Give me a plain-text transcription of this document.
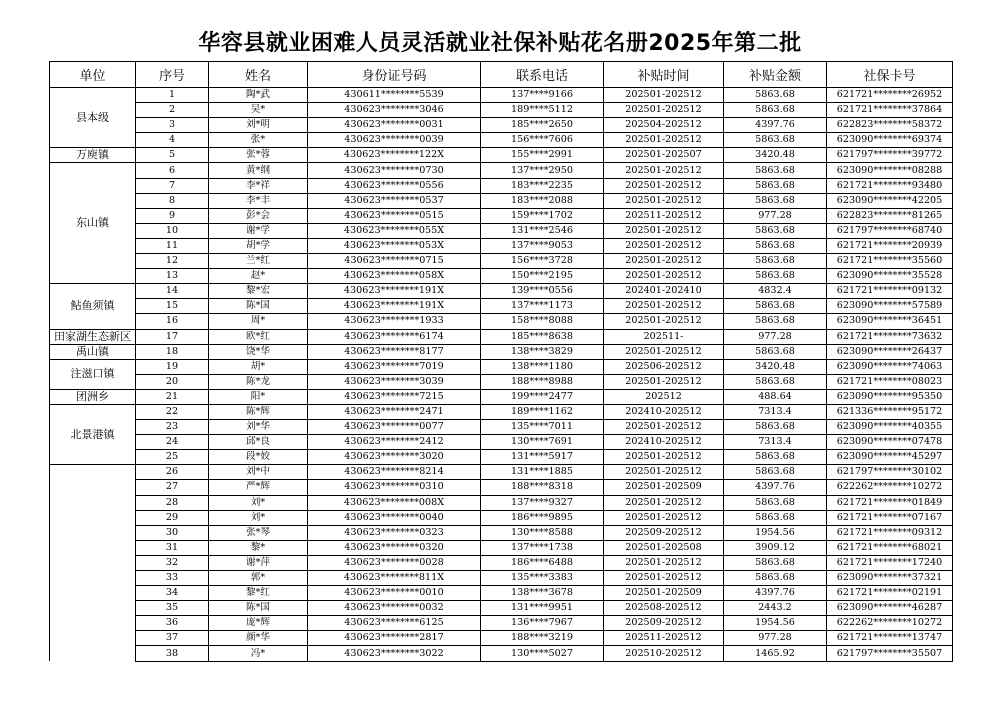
华容县就业困难人员灵活就业社保补贴花名册2025年第二批
单位	序号	姓名	身份证号码	联系电话	补贴时间	补贴金额	社保卡号
县本级	1	陶*武	430611********5539	137****9166	202501-202512	5863.68	621721********26952
	2	吴*	430623********3046	189****5112	202501-202512	5863.68	621721********37864
	3	刘*明	430623********0031	185****2650	202504-202512	4397.76	622823********58372
	4	张*	430623********0039	156****7606	202501-202512	5863.68	623090********69374
万庾镇	5	张*蓉	430623********122X	155****2991	202501-202507	3420.48	621797********39772
东山镇	6	黄*纲	430623********0730	137****2950	202501-202512	5863.68	623090********08288
	7	李*祥	430623********0556	183****2235	202501-202512	5863.68	621721********93480
	8	李*丰	430623********0537	183****2088	202501-202512	5863.68	623090********42205
	9	彭*会	430623********0515	159****1702	202511-202512	977.28	622823********81265
	10	谢*学	430623********055X	131****2546	202501-202512	5863.68	621797********68740
	11	胡*学	430623********053X	137****9053	202501-202512	5863.68	621721********20939
	12	兰*红	430623********0715	156****3728	202501-202512	5863.68	621721********35560
	13	赵*	430623********058X	150****2195	202501-202512	5863.68	623090********35528
鲇鱼须镇	14	黎*宏	430623********191X	139****0556	202401-202410	4832.4	621721********09132
	15	陈*国	430623********191X	137****1173	202501-202512	5863.68	623090********57589
	16	周*	430623********1933	158****8088	202501-202512	5863.68	623090********36451
田家湖生态新区	17	欧*红	430623********6174	185****8638	202511-	977.28	621721********73632
禹山镇	18	饶*华	430623********8177	138****3829	202501-202512	5863.68	623090********26437
注滋口镇	19	胡*	430623********7019	138****1180	202506-202512	3420.48	623090********74063
	20	陈*龙	430623********3039	188****8988	202501-202512	5863.68	621721********08023
团洲乡	21	阳*	430623********7215	199****2477	202512	488.64	623090********95350
北景港镇	22	陈*辉	430623********2471	189****1162	202410-202512	7313.4	621336********95172
	23	刘*华	430623********0077	135****7011	202501-202512	5863.68	623090********40355
	24	邱*良	430623********2412	130****7691	202410-202512	7313.4	623090********07478
	25	段*姣	430623********3020	131****5917	202501-202512	5863.68	623090********45297
	26	刘*中	430623********8214	131****1885	202501-202512	5863.68	621797********30102
	27	严*辉	430623********0310	188****8318	202501-202509	4397.76	622262********10272
	28	刘*	430623********008X	137****9327	202501-202512	5863.68	621721********01849
	29	刘*	430623********0040	186****9895	202501-202512	5863.68	621721********07167
	30	张*琴	430623********0323	130****8588	202509-202512	1954.56	621721********09312
	31	黎*	430623********0320	137****1738	202501-202508	3909.12	621721********68021
	32	谢*萍	430623********0028	186****6488	202501-202512	5863.68	621721********17240
	33	郭*	430623********811X	135****3383	202501-202512	5863.68	623090********37321
	34	黎*红	430623********0010	138****3678	202501-202509	4397.76	621721********02191
	35	陈*国	430623********0032	131****9951	202508-202512	2443.2	623090********46287
	36	庞*辉	430623********6125	136****7967	202509-202512	1954.56	622262********10272
	37	颜*华	430623********2817	188****3219	202511-202512	977.28	621721********13747
	38	冯*	430623********3022	130****5027	202510-202512	1465.92	621797********35507
